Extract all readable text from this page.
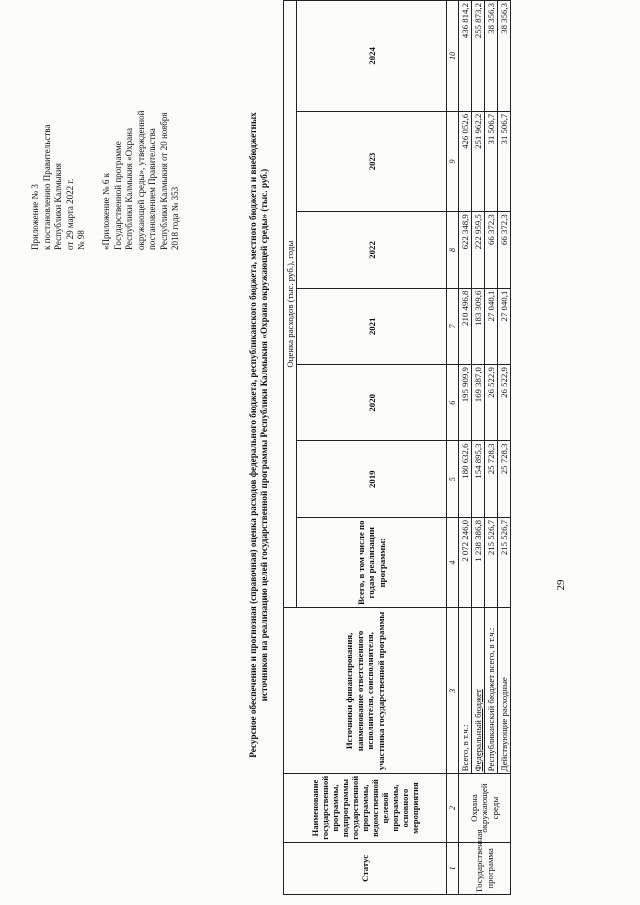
Приложение № 3 к постановлению Правительства Республики Калмыкия от 29 марта 2022 г. № 98 «Приложение № 6 к Государственной программе Республики Калмыкия «Охрана окружающей среды», утвержденной постановлением Правительства Республики Калмыкия от 20 ноября 2018 года № 353	Ресурсное обеспечение и прогнозная (справочная) оценка расходов федерального бюджета, республиканского бюджета, местного бюджета и внебюджетных источников на реализацию целей государственной программы Республики Калмыкия «Охрана окружающей среды» (тыс. руб.)
Статус	Наименование государственной программы, подпрограммы государственной программы, ведомственной целевой программы, основного мероприятия	Источники финансирования, наименование ответственного исполнителя, соисполнителя, участника государственной программы	Оценка расходов (тыс. руб.), годы						
			Всего, в том числе по годам реализации программы:	2019	2020	2021	2022	2023	2024
1	2	3	4	5	6	7	8	9	10
Государственная программа	Охрана окружающей среды	Всего, в т.ч.:	2 072 246,0	180 632,6	195 909,9	210 496,8	622 348,9	426 052,6	436 814,2
		Федеральный бюджет	1 238 386,8	154 895,3	169 387,0	183 309,6	222 959,5	251 962,2	255 873,2
		Республиканский бюджет всего, в т.ч.:	215 526,7	25 728,3	26 522,9	27 040,1	66 372,3	31 506,7	38 356,3
		Действующие расходные	215 526,7	25 728,3	26 522,9	27 040,1	66 372,3	31 506,7	38 356,3
29
